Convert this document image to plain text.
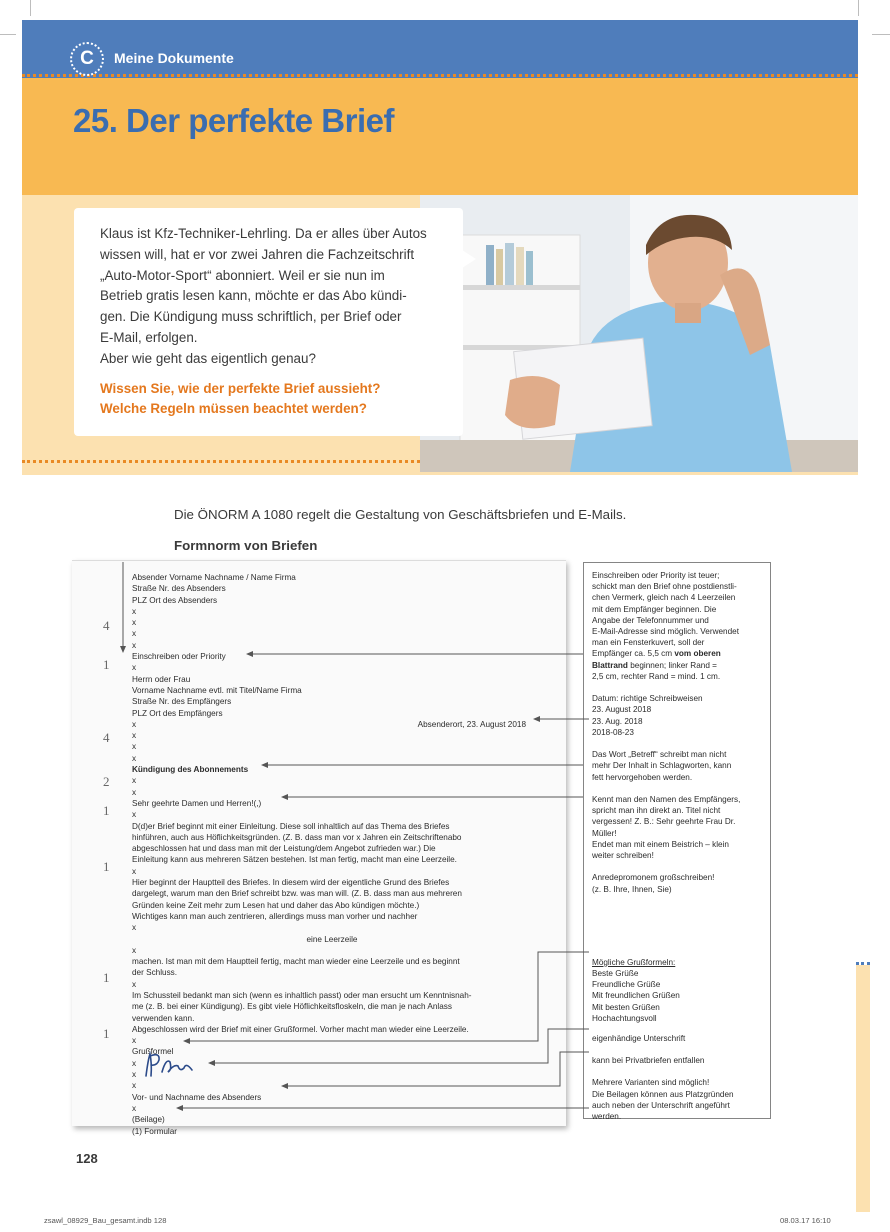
C	Meine Dokumente
25. Der perfekte Brief

Klaus ist Kfz-Techniker-Lehrling. Da er alles über Autos

wissen will, hat er vor zwei Jahren die Fachzeitschrift

„Auto-Motor-Sport“ abonniert. Weil er sie nun im

Betrieb gratis lesen kann, möchte er das Abo kündi-

gen. Die Kündigung muss schriftlich, per Brief oder

E-Mail, erfolgen.

Aber wie geht das eigentlich genau?

Wissen Sie, wie der perfekte Brief aussieht?

Welche Regeln müssen beachtet werden?

Die ÖNORM A 1080 regelt die Gestaltung von Geschäftsbriefen und E-Mails.
Formnorm von Briefen
4
1
4
2
1
1
1
1
Absender Vorname Nachname / Name Firma
Straße Nr. des Absenders
PLZ Ort des Absenders
x
x
x
x
Einschreiben oder Priority
x
Herrn oder Frau
Vorname Nachname evtl. mit Titel/Name Firma
Straße Nr. des Empfängers
PLZ Ort des Empfängers
x	Absenderort, 23. August 2018
x
x
x
Kündigung des Abonnements
x
x
Sehr geehrte Damen und Herren!(,)
x
D(d)er Brief beginnt mit einer Einleitung. Diese soll inhaltlich auf das Thema des Briefes
hinführen, auch aus Höflichkeitsgründen. (Z. B. dass man vor x Jahren ein Zeitschriftenabo
abgeschlossen hat und dass man mit der Leistung/dem Angebot zufrieden war.) Die
Einleitung kann aus mehreren Sätzen bestehen. Ist man fertig, macht man eine Leerzeile.
x
Hier beginnt der Hauptteil des Briefes. In diesem wird der eigentliche Grund des Briefes
dargelegt, warum man den Brief schreibt bzw. was man will. (Z. B. dass man aus mehreren
Gründen keine Zeit mehr zum Lesen hat und daher das Abo kündigen möchte.)
Wichtiges kann man auch zentrieren, allerdings muss man vorher und nachher
x
eine Leerzeile
x
machen. Ist man mit dem Hauptteil fertig, macht man wieder eine Leerzeile und es beginnt
der Schluss.
x
Im Schussteil bedankt man sich (wenn es inhaltlich passt) oder man ersucht um Kenntnisnah-
me (z. B. bei einer Kündigung). Es gibt viele Höflichkeitsfloskeln, die man je nach Anlass
verwenden kann.
Abgeschlossen wird der Brief mit einer Grußformel. Vorher macht man wieder eine Leerzeile.
x
Grußformel
x
x
x
Vor- und Nachname des Absenders
x
(Beilage)
(1) Formular

Einschreiben oder Priority ist teuer;

schickt man den Brief ohne postdienstli-

chen Vermerk, gleich nach 4 Leerzeilen

mit dem Empfänger beginnen. Die

Angabe der Telefonnummer und

E-Mail-Adresse sind möglich. Verwendet

man ein Fensterkuvert, soll der

Empfänger ca. 5,5 cm vom oberen

Blattrand beginnen; linker Rand =

2,5 cm, rechter Rand = mind. 1 cm.

Datum: richtige Schreibweisen

23. August 2018

23. Aug. 2018

2018-08-23

Das Wort „Betreff“ schreibt man nicht

mehr Der Inhalt in Schlagworten, kann

fett hervorgehoben werden.

Kennt man den Namen des Empfängers,

spricht man ihn direkt an. Titel nicht

vergessen! Z. B.: Sehr geehrte Frau Dr.

Müller!

Endet man mit einem Beistrich – klein

weiter schreiben!

Anredepromonem großschreiben!

(z. B. Ihre, Ihnen, Sie)

Mögliche Grußformeln:

Beste Grüße

Freundliche Grüße

Mit freundlichen Grüßen

Mit besten Grüßen

Hochachtungsvoll

eigenhändige Unterschrift

kann bei Privatbriefen entfallen

Mehrere Varianten sind möglich!

Die Beilagen können aus Platzgründen

auch neben der Unterschrift angeführt

werden.

128
zsawl_08929_Bau_gesamt.indb 128	08.03.17 16:10
